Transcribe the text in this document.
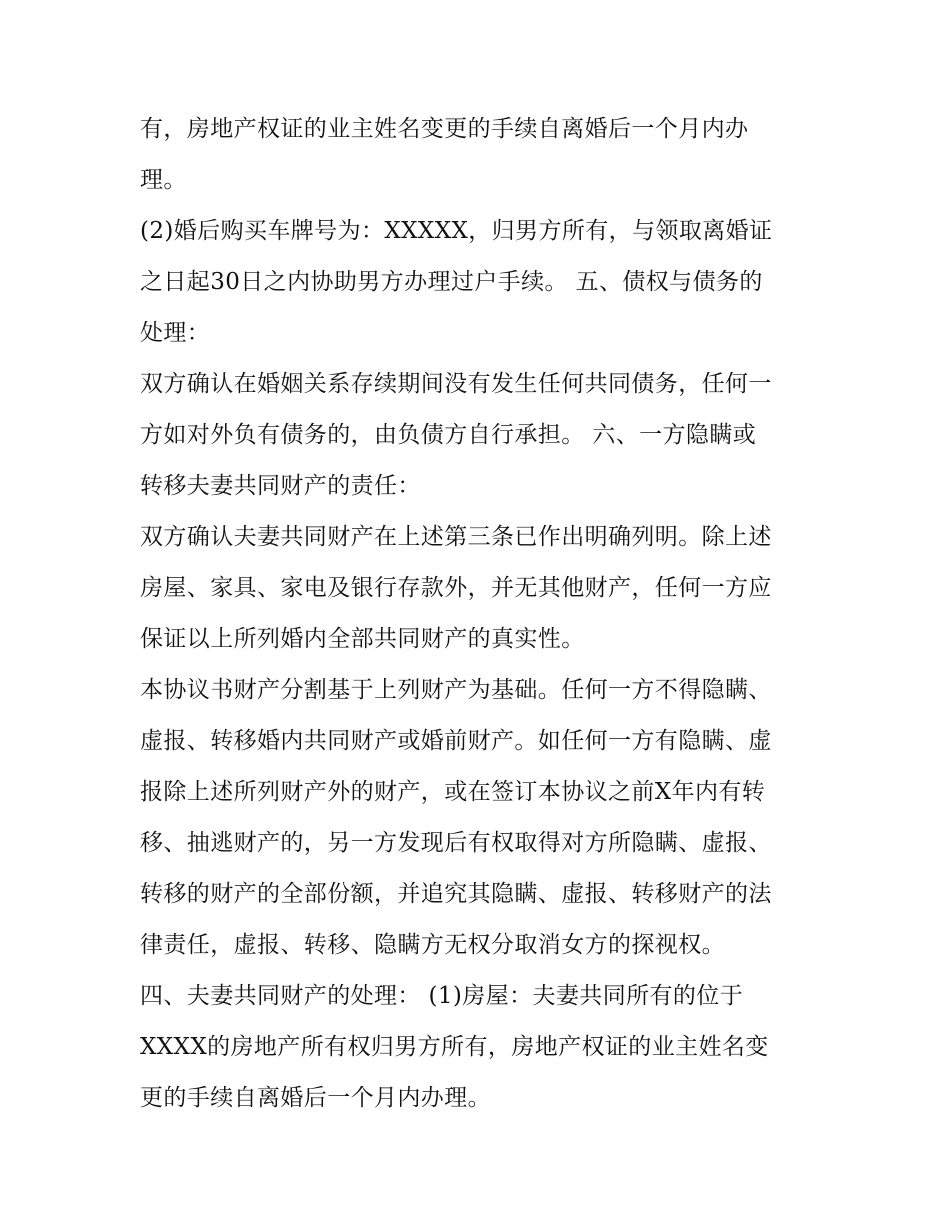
有，房地产权证的业主姓名变更的手续自离婚后一个月内办
理。
(2)婚后购买车牌号为：XXXXX，归男方所有，与领取离婚证
之日起30日之内协助男方办理过户手续。 五、债权与债务的
处理：
双方确认在婚姻关系存续期间没有发生任何共同债务，任何一
方如对外负有债务的，由负债方自行承担。 六、一方隐瞒或
转移夫妻共同财产的责任：
双方确认夫妻共同财产在上述第三条已作出明确列明。除上述
房屋、家具、家电及银行存款外，并无其他财产，任何一方应
保证以上所列婚内全部共同财产的真实性。
本协议书财产分割基于上列财产为基础。任何一方不得隐瞒、
虚报、转移婚内共同财产或婚前财产。如任何一方有隐瞒、虚
报除上述所列财产外的财产，或在签订本协议之前X年内有转
移、抽逃财产的，另一方发现后有权取得对方所隐瞒、虚报、
转移的财产的全部份额，并追究其隐瞒、虚报、转移财产的法
律责任，虚报、转移、隐瞒方无权分取消女方的探视权。
四、夫妻共同财产的处理： (1)房屋：夫妻共同所有的位于
XXXX的房地产所有权归男方所有，房地产权证的业主姓名变
更的手续自离婚后一个月内办理。
